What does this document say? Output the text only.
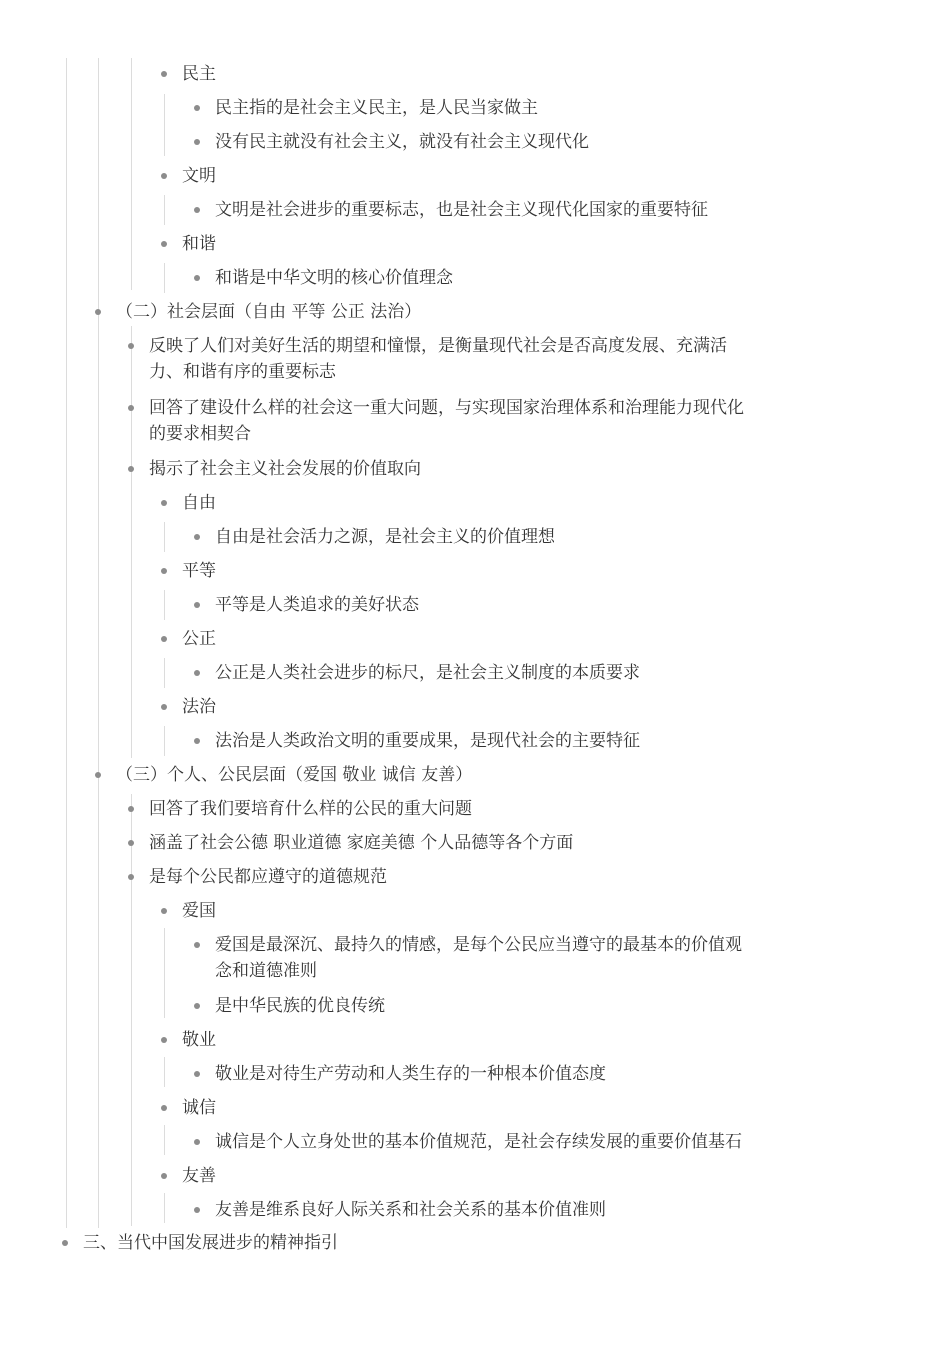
民主
民主指的是社会主义民主，是人民当家做主
没有民主就没有社会主义，就没有社会主义现代化
文明
文明是社会进步的重要标志，也是社会主义现代化国家的重要特征
和谐
和谐是中华文明的核心价值理念
（二）社会层面（自由 平等 公正 法治）
反映了人们对美好生活的期望和憧憬，是衡量现代社会是否高度发展、充满活
力、和谐有序的重要标志
回答了建设什么样的社会这一重大问题，与实现国家治理体系和治理能力现代化
的要求相契合
揭示了社会主义社会发展的价值取向
自由
自由是社会活力之源，是社会主义的价值理想
平等
平等是人类追求的美好状态
公正
公正是人类社会进步的标尺，是社会主义制度的本质要求
法治
法治是人类政治文明的重要成果，是现代社会的主要特征
（三）个人、公民层面（爱国 敬业 诚信 友善）
回答了我们要培育什么样的公民的重大问题
涵盖了社会公德 职业道德 家庭美德 个人品德等各个方面
是每个公民都应遵守的道德规范
爱国
爱国是最深沉、最持久的情感，是每个公民应当遵守的最基本的价值观
念和道德准则
是中华民族的优良传统
敬业
敬业是对待生产劳动和人类生存的一种根本价值态度
诚信
诚信是个人立身处世的基本价值规范，是社会存续发展的重要价值基石
友善
友善是维系良好人际关系和社会关系的基本价值准则
三、当代中国发展进步的精神指引
